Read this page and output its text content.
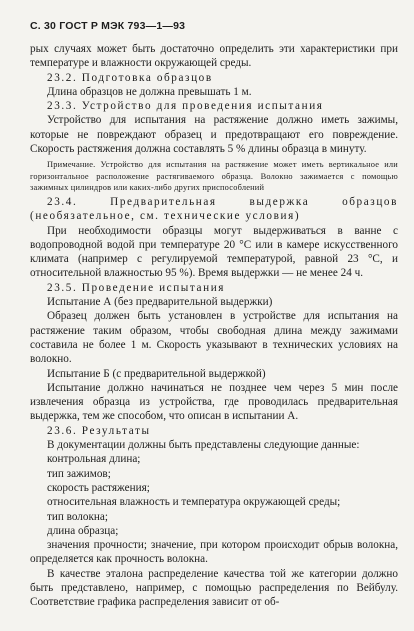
С. 30 ГОСТ Р МЭК 793—1—93

рых случаях может быть достаточно определить эти характеристики при температуре и влажности окружающей среды.

23.2. Подготовка образцов

Длина образцов не должна превышать 1 м.

23.3. Устройство для проведения испытания

Устройство для испытания на растяжение должно иметь зажимы, которые не повреждают образец и предотвращают его повреждение. Скорость растяжения должна составлять 5 % длины образца в минуту.

Примечание. Устройство для испытания на растяжение может иметь вертикальное или горизонтальное расположение растягиваемого образца. Волокно зажимается с помощью зажимных цилиндров или каких-либо других приспособлений

23.4. Предварительная выдержка образцов (необязательное, см. технические условия)

При необходимости образцы могут выдерживаться в ванне с водопроводной водой при температуре 20 °С или в камере искусственного климата (например с регулируемой температурой, равной 23 °С, и относительной влажностью 95 %). Время выдержки — не менее 24 ч.

23.5. Проведение испытания

Испытание А (без предварительной выдержки)

Образец должен быть установлен в устройстве для испытания на растяжение таким образом, чтобы свободная длина между зажимами составила не более 1 м. Скорость указывают в технических условиях на волокно.

Испытание Б (с предварительной выдержкой)

Испытание должно начинаться не позднее чем через 5 мин после извлечения образца из устройства, где проводилась предварительная выдержка, тем же способом, что описан в испытании А.

23.6. Результаты

В документации должны быть представлены следующие данные:

контрольная длина;

тип зажимов;

скорость растяжения;

относительная влажность и температура окружающей среды;

тип волокна;

длина образца;

значения прочности; значение, при котором происходит обрыв волокна, определяется как прочность волокна.

В качестве эталона распределение качества той же категории должно быть представлено, например, с помощью распределения по Вейбулу. Соответствие графика распределения зависит от об-
